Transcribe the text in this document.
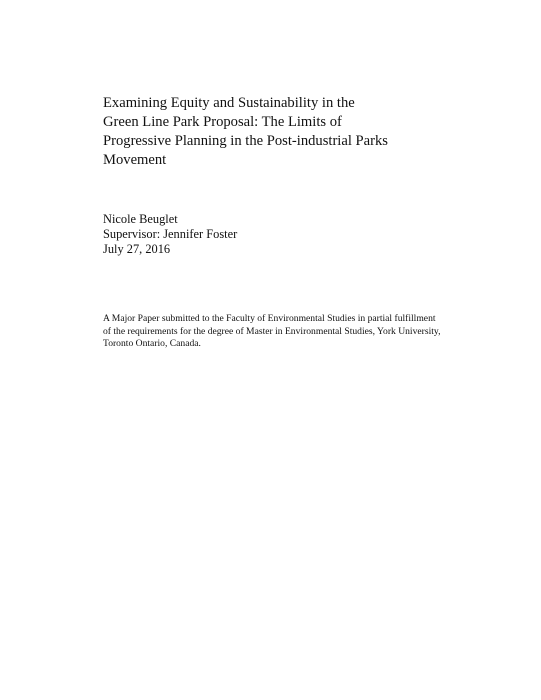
Examining Equity and Sustainability in the
Green Line Park Proposal: The Limits of
Progressive Planning in the Post-industrial Parks
Movement
Nicole Beuglet
Supervisor: Jennifer Foster
July 27, 2016
A Major Paper submitted to the Faculty of Environmental Studies in partial fulfillment
of the requirements for the degree of Master in Environmental Studies, York University,
Toronto Ontario, Canada.
